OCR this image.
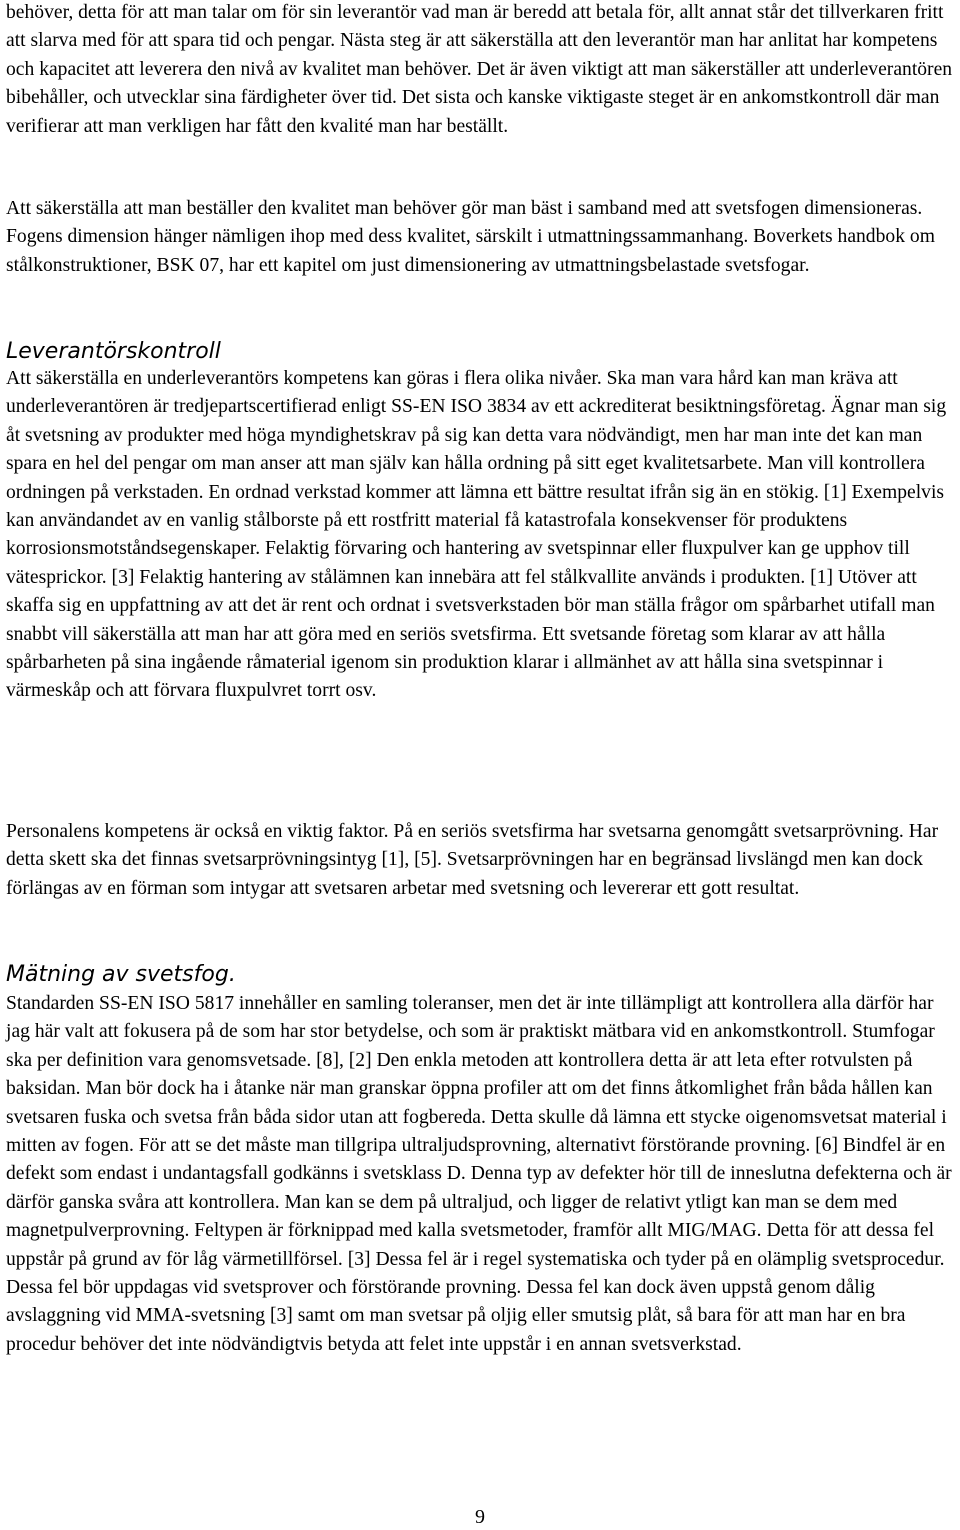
behöver, detta för att man talar om för sin leverantör vad man är beredd att betala för, allt annat står det tillverkaren fritt att slarva med för att spara tid och pengar. Nästa steg är att säkerställa att den leverantör man har anlitat har kompetens och kapacitet att leverera den nivå av kvalitet man behöver. Det är även viktigt att man säkerställer att underleverantören bibehåller, och utvecklar sina färdigheter över tid. Det sista och kanske viktigaste steget är en ankomstkontroll där man verifierar att man verkligen har fått den kvalité man har beställt.

Att säkerställa att man beställer den kvalitet man behöver gör man bäst i samband med att svetsfogen dimensioneras. Fogens dimension hänger nämligen ihop med dess kvalitet, särskilt i utmattningssammanhang. Boverkets handbok om stålkonstruktioner, BSK 07, har ett kapitel om just dimensionering av utmattningsbelastade svetsfogar.

Leverantörskontroll

Att säkerställa en underleverantörs kompetens kan göras i flera olika nivåer. Ska man vara hård kan man kräva att underleverantören är tredjepartscertifierad enligt SS-EN ISO 3834 av ett ackrediterat besiktningsföretag. Ägnar man sig åt svetsning av produkter med höga myndighetskrav på sig kan detta vara nödvändigt, men har man inte det kan man spara en hel del pengar om man anser att man själv kan hålla ordning på sitt eget kvalitetsarbete. Man vill kontrollera ordningen på verkstaden. En ordnad verkstad kommer att lämna ett bättre resultat ifrån sig än en stökig. [1] Exempelvis kan användandet av en vanlig stålborste på ett rostfritt material få katastrofala konsekvenser för produktens korrosionsmotståndsegenskaper. Felaktig förvaring och hantering av svetspinnar eller fluxpulver kan ge upphov till vätesprickor. [3] Felaktig hantering av stålämnen kan innebära att fel stålkvallite används i produkten. [1] Utöver att skaffa sig en uppfattning av att det är rent och ordnat i svetsverkstaden bör man ställa frågor om spårbarhet utifall man snabbt vill säkerställa att man har att göra med en seriös svetsfirma. Ett svetsande företag som klarar av att hålla spårbarheten på sina ingående råmaterial igenom sin produktion klarar i allmänhet av att hålla sina svetspinnar i värmeskåp och att förvara fluxpulvret torrt osv.

Personalens kompetens är också en viktig faktor. På en seriös svetsfirma har svetsarna genomgått svetsarprövning. Har detta skett ska det finnas svetsarprövningsintyg [1], [5]. Svetsarprövningen har en begränsad livslängd men kan dock förlängas av en förman som intygar att svetsaren arbetar med svetsning och levererar ett gott resultat.

Mätning av svetsfog.

Standarden SS-EN ISO 5817 innehåller en samling toleranser, men det är inte tillämpligt att kontrollera alla därför har jag här valt att fokusera på de som har stor betydelse, och som är praktiskt mätbara vid en ankomstkontroll. Stumfogar ska per definition vara genomsvetsade. [8], [2] Den enkla metoden att kontrollera detta är att leta efter rotvulsten på baksidan. Man bör dock ha i åtanke när man granskar öppna profiler att om det finns åtkomlighet från båda hållen kan svetsaren fuska och svetsa från båda sidor utan att fogbereda. Detta skulle då lämna ett stycke oigenomsvetsat material i mitten av fogen. För att se det måste man tillgripa ultraljudsprovning, alternativt förstörande provning. [6] Bindfel är en defekt som endast i undantagsfall godkänns i svetsklass D. Denna typ av defekter hör till de inneslutna defekterna och är därför ganska svåra att kontrollera. Man kan se dem på ultraljud, och ligger de relativt ytligt kan man se dem med magnetpulverprovning. Feltypen är förknippad med kalla svetsmetoder, framför allt MIG/MAG. Detta för att dessa fel uppstår på grund av för låg värmetillförsel. [3] Dessa fel är i regel systematiska och tyder på en olämplig svetsprocedur. Dessa fel bör uppdagas vid svetsprover och förstörande provning. Dessa fel kan dock även uppstå genom dålig avslaggning vid MMA-svetsning [3] samt om man svetsar på oljig eller smutsig plåt, så bara för att man har en bra procedur behöver det inte nödvändigtvis betyda att felet inte uppstår i en annan svetsverkstad.

9
